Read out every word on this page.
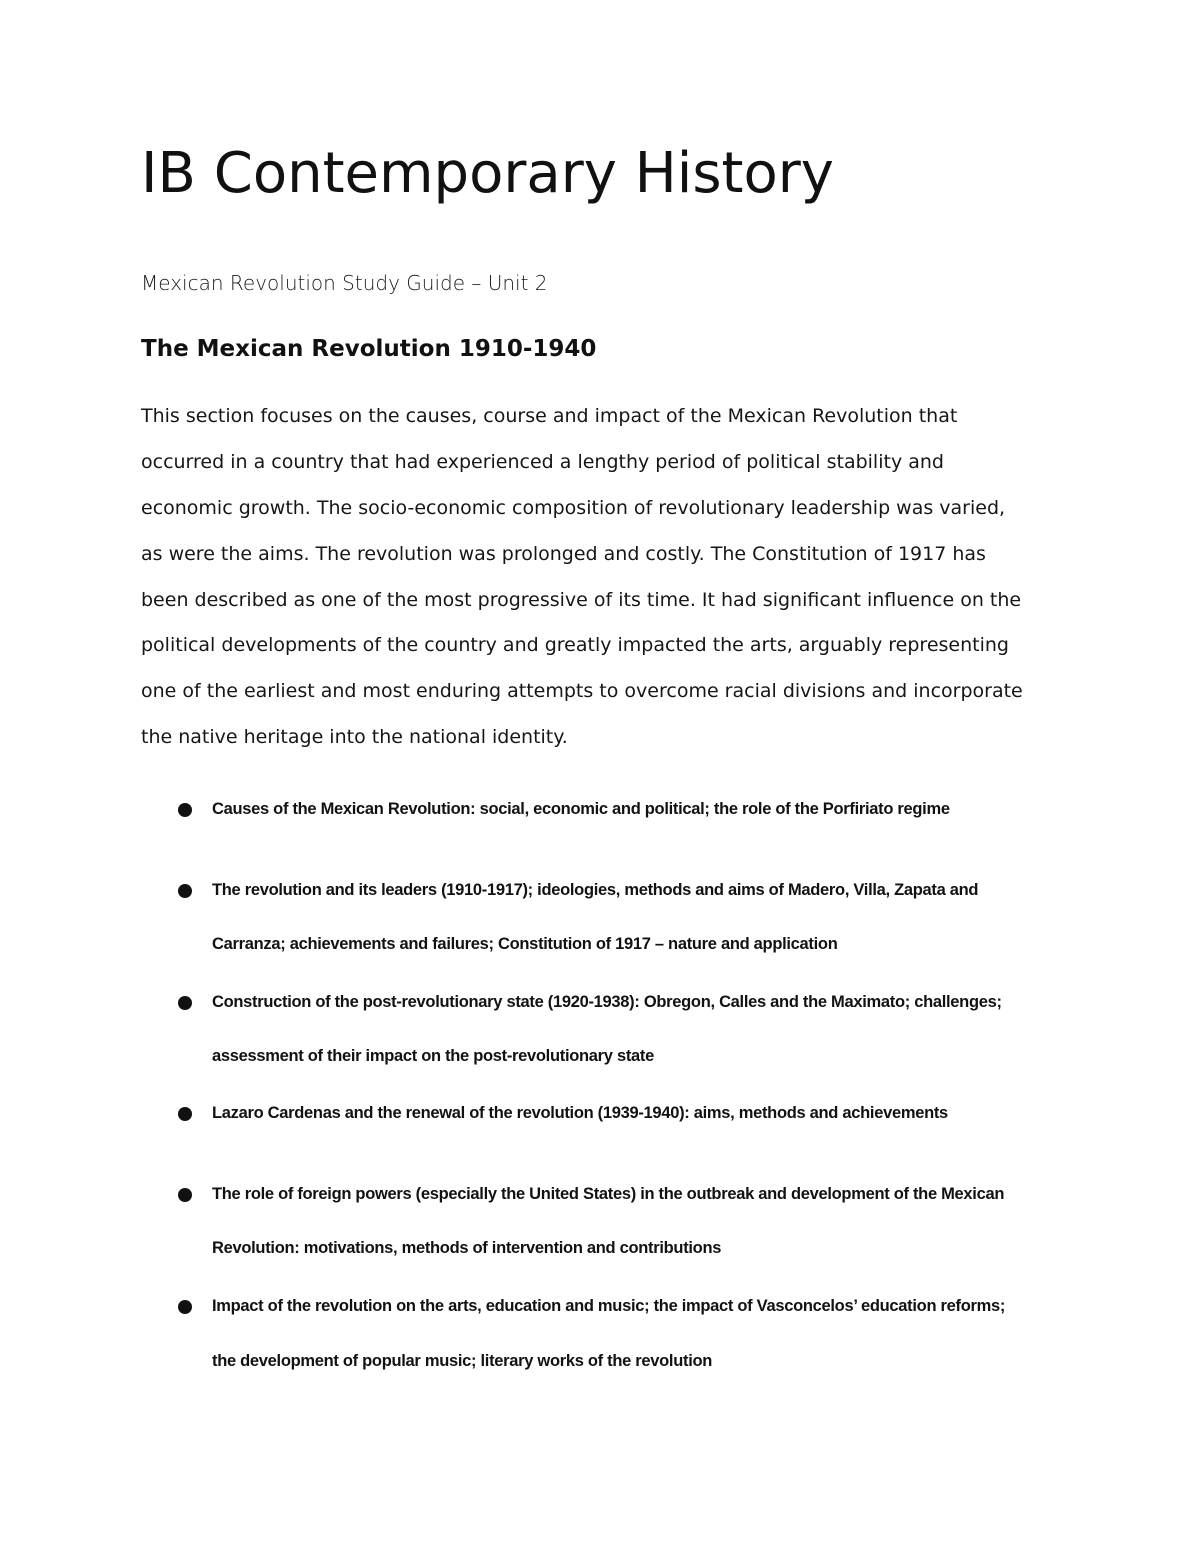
IB Contemporary History

Mexican Revolution Study Guide – Unit 2

The Mexican Revolution 1910-1940
This section focuses on the causes, course and impact of the Mexican Revolution that
occurred in a country that had experienced a lengthy period of political stability and
economic growth. The socio-economic composition of revolutionary leadership was varied,
as were the aims. The revolution was prolonged and costly. The Constitution of 1917 has
been described as one of the most progressive of its time. It had significant influence on the
political developments of the country and greatly impacted the arts, arguably representing
one of the earliest and most enduring attempts to overcome racial divisions and incorporate
the native heritage into the national identity.
Causes of the Mexican Revolution: social, economic and political; the role of the Porfiriato regime
The revolution and its leaders (1910-1917); ideologies, methods and aims of Madero, Villa, Zapata and
Carranza; achievements and failures; Constitution of 1917 – nature and application
Construction of the post-revolutionary state (1920-1938): Obregon, Calles and the Maximato; challenges;
assessment of their impact on the post-revolutionary state
Lazaro Cardenas and the renewal of the revolution (1939-1940): aims, methods and achievements
The role of foreign powers (especially the United States) in the outbreak and development of the Mexican
Revolution: motivations, methods of intervention and contributions
Impact of the revolution on the arts, education and music; the impact of Vasconcelos’ education reforms;
the development of popular music; literary works of the revolution
